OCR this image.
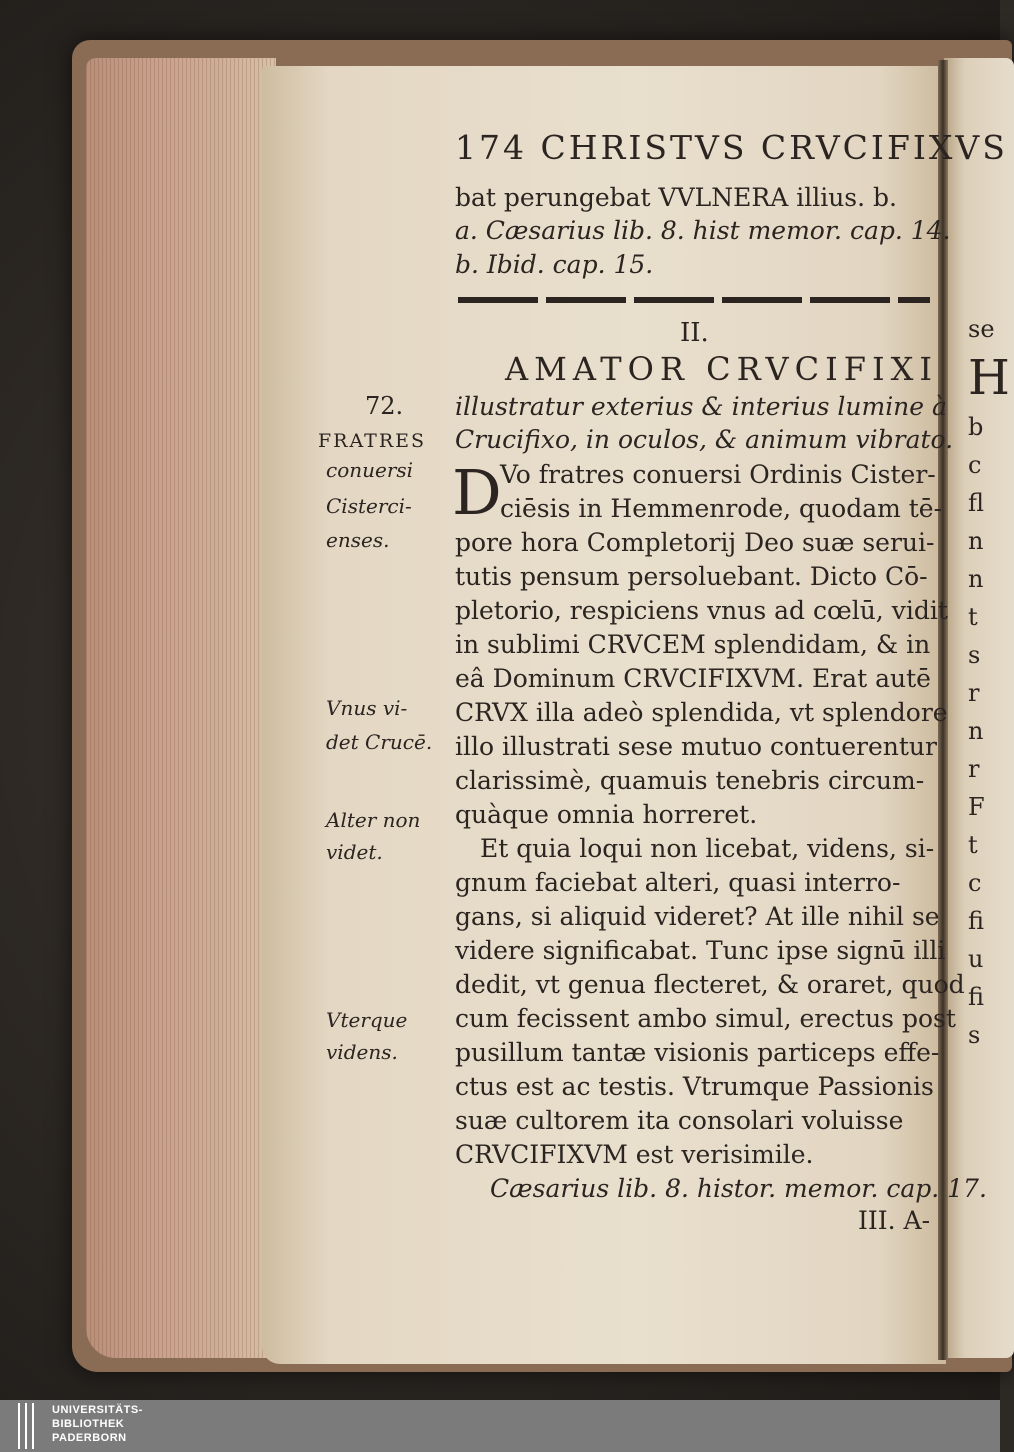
174 CHRISTVS CRVCIFIXVS
bat perungebat VVLNERA illius. b.
a. Cæsarius lib. 8. hist memor. cap. 14.
b. Ibid. cap. 15.
II.
AMATOR CRVCIFIXI
illustratur exterius & interius lumine à
Crucifixo, in oculos, & animum vibrato.
D
Vo fratres conuersi Ordinis Cister-
ciēsis in Hemmenrode, quodam tē-
pore hora Completorij Deo suæ serui-
tutis pensum persoluebant. Dicto Cō-
pletorio, respiciens vnus ad cœlū, vidit
in sublimi CRVCEM splendidam, & in
eâ Dominum CRVCIFIXVM. Erat autē
CRVX illa adeò splendida, vt splendore
illo illustrati sese mutuo contuerentur
clarissimè, quamuis tenebris circum-
quàque omnia horreret.
Et quia loqui non licebat, videns, si-
gnum faciebat alteri, quasi interro-
gans, si aliquid videret? At ille nihil se
videre significabat. Tunc ipse signū illi
dedit, vt genua flecteret, & oraret, quod
cum fecissent ambo simul, erectus post
pusillum tantæ visionis particeps effe-
ctus est ac testis. Vtrumque Passionis
suæ cultorem ita consolari voluisse
CRVCIFIXVM est verisimile.
Cæsarius lib. 8. histor. memor. cap. 17.
III. A-
72.
FRATRES
conuersi
Cisterci-
enses.
Vnus vi-
det Crucē.
Alter non
videt.
Vterque
videns.
se
H
b
c
fl
n
n
t
s
r
n
r
F
t
c
fi
u
fi
s
UNIVERSITÄTS-
BIBLIOTHEK
PADERBORN
